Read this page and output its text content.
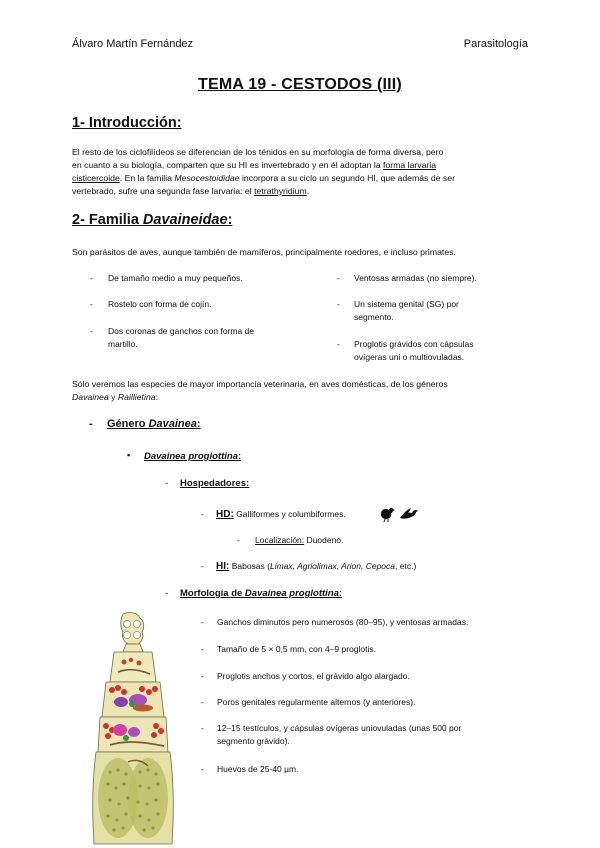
Álvaro Martín Fernández	Parasitología
TEMA 19 - CESTODOS (III)
1- Introducción:
El resto de los ciclofilídeos se diferencian de los ténidos en su morfología de forma diversa, pero
en cuanto a su biología, comparten que su HI es invertebrado y en él adoptan la forma larvaria
cisticercoide. En la familia Mesocestoididae incorpora a su ciclo un segundo HI, que además de ser
vertebrado, sufre una segunda fase larvaria: el tetrathyridium.
2- Familia Davaineidae:
Son parásitos de aves, aunque también de mamíferos, principalmente roedores, e incluso primates.
- De tamaño medio a muy pequeños.
- Rostelo con forma de cojín.
- Dos coronas de ganchos con forma de
martillo.
- Ventosas armadas (no siempre).
- Un sistema genital (SG) por
segmento.
- Proglotis grávidos con cápsulas
ovígeras uni o multiovuladas.
Sólo veremos las especies de mayor importancia veterinaria, en aves domésticas, de los géneros
Davainea y Raillietina:
- Género Davainea:
▪ Davainea proglottina:
- Hospedadores:
- HD: Galliformes y columbiformes.
- Localización: Duodeno.
- HI: Babosas (Limax, Agriolimax, Arion, Cepoca, etc.)
- Morfología de Davainea proglottina:
- Ganchos diminutos pero numerosos (80–95), y ventosas armadas.
- Tamaño de 5 × 0,5 mm, con 4–9 proglotis.
- Proglotis anchos y cortos, el grávido algo alargado.
- Poros genitales regularmente alternos (y anteriores).
- 12–15 testículos, y cápsulas ovígeras uniovuladas (unas 500 por
segmento grávido).
- Huevos de 25-40 µm.
